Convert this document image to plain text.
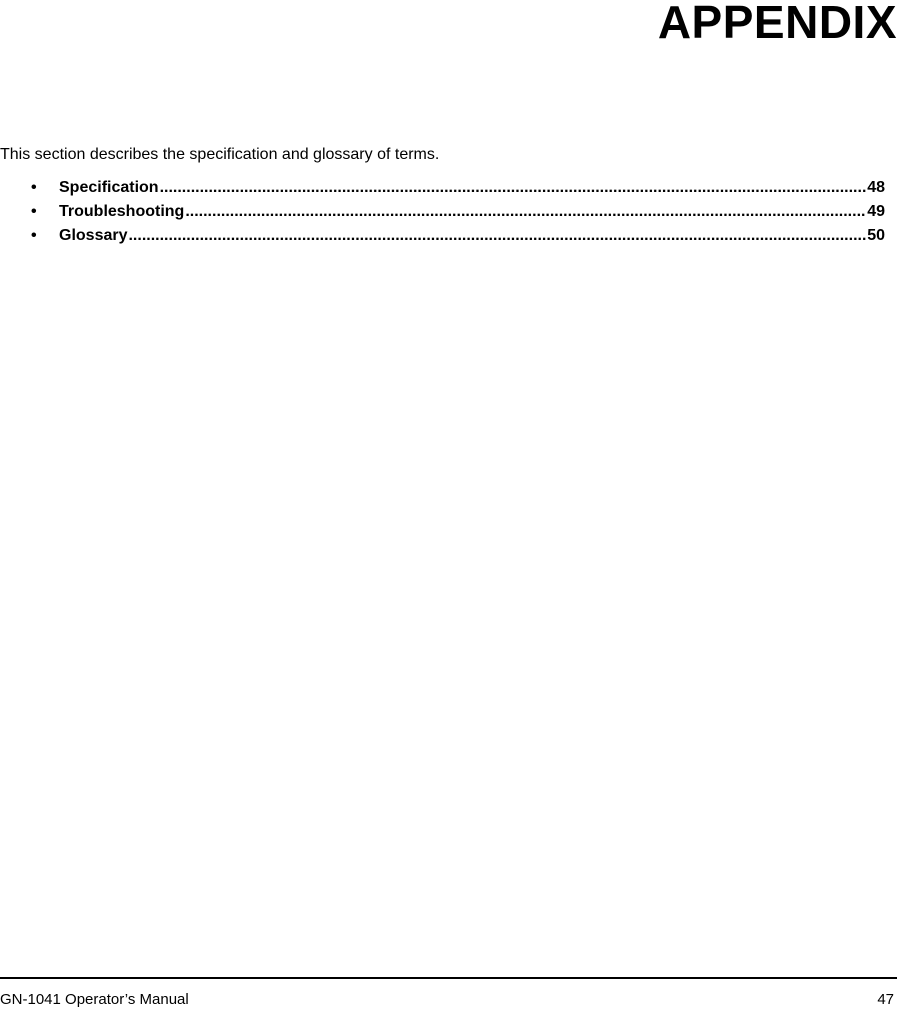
APPENDIX

This section describes the specification and glossary of terms.

•	Specification .....	48
•	Troubleshooting .....	49
•	Glossary .....	50
GN-1041 Operator’s Manual	47
